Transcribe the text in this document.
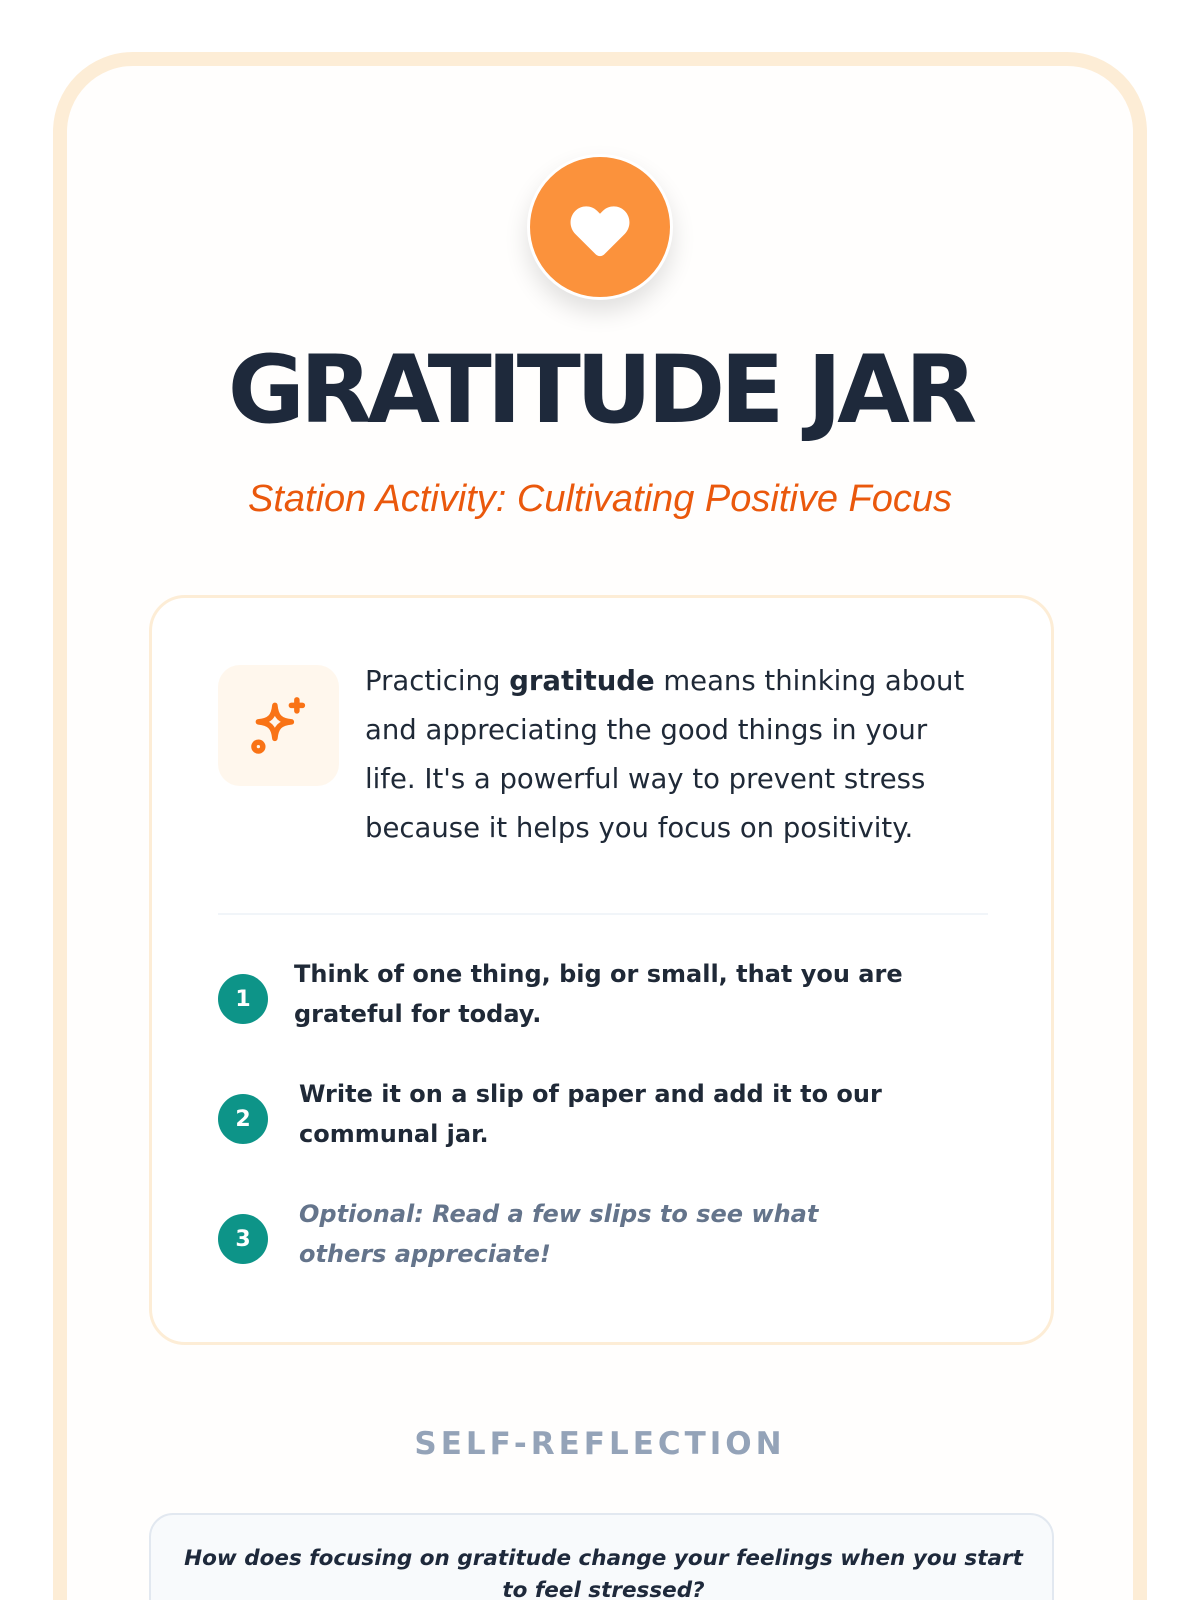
GRATITUDE JAR
Station Activity: Cultivating Positive Focus

Practicing gratitude means thinking about and appreciating the good things in your life. It's a powerful way to prevent stress because it helps you focus on positivity.

1
Think of one thing, big or small, that you are grateful for today.
2
Write it on a slip of paper and add it to our communal jar.
3
Optional: Read a few slips to see what others appreciate!
SELF-REFLECTION

How does focusing on gratitude change your feelings when you start to feel stressed?
